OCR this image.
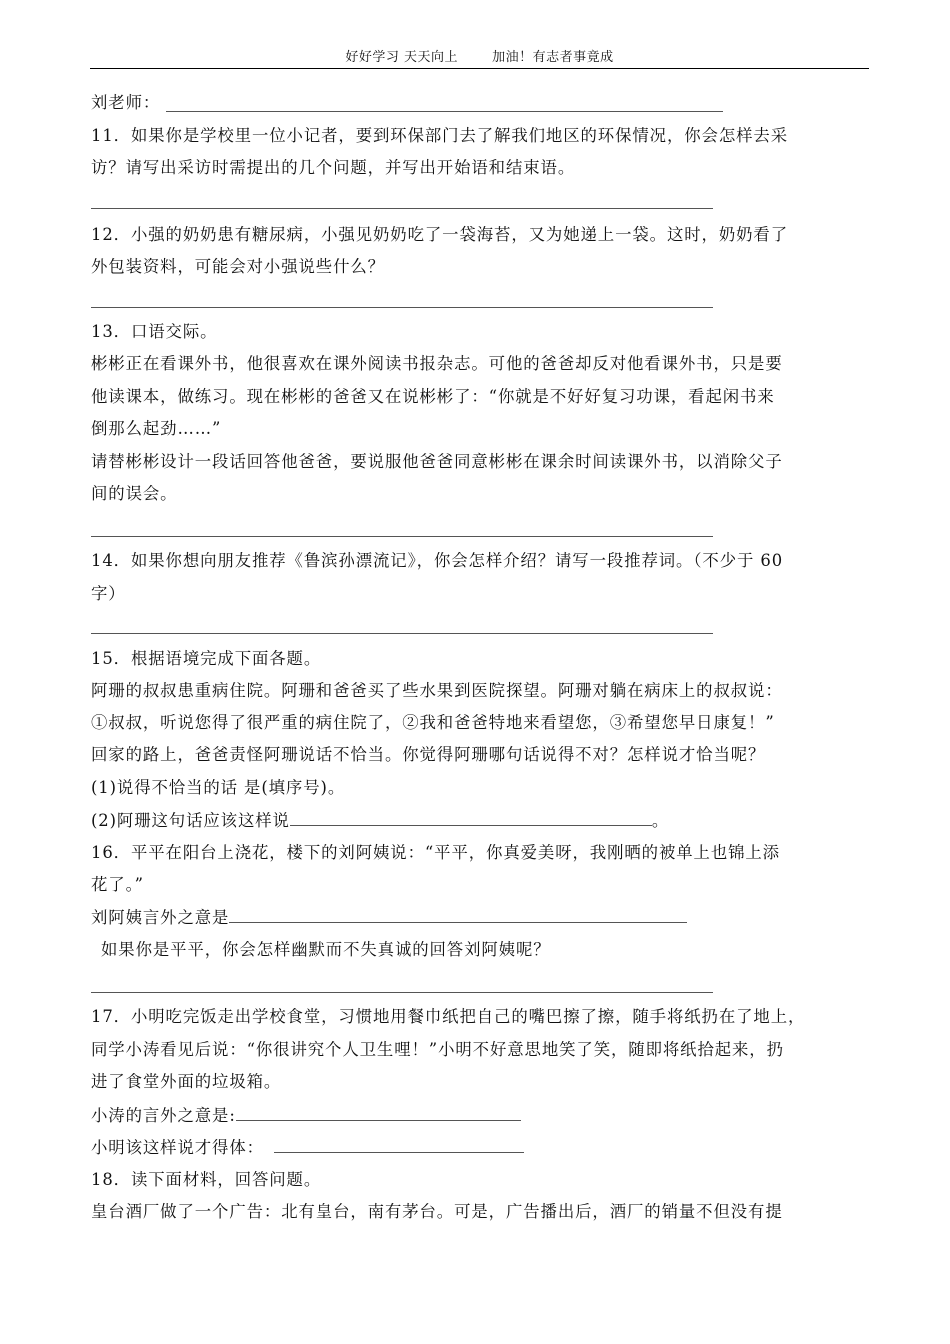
好好学习 天天向上	加油！有志者事竟成
刘老师：
11．如果你是学校里一位小记者，要到环保部门去了解我们地区的环保情况，你会怎样去采
访？请写出采访时需提出的几个问题，并写出开始语和结束语。
12．小强的奶奶患有糖尿病，小强见奶奶吃了一袋海苔，又为她递上一袋。这时，奶奶看了
外包装资料，可能会对小强说些什么？
13．口语交际。
彬彬正在看课外书，他很喜欢在课外阅读书报杂志。可他的爸爸却反对他看课外书，只是要
他读课本，做练习。现在彬彬的爸爸又在说彬彬了：“你就是不好好复习功课，看起闲书来
倒那么起劲……”
请替彬彬设计一段话回答他爸爸，要说服他爸爸同意彬彬在课余时间读课外书，以消除父子
间的误会。
14．如果你想向朋友推荐《鲁滨孙漂流记》，你会怎样介绍？请写一段推荐词。（不少于 60
字）
15．根据语境完成下面各题。
阿珊的叔叔患重病住院。阿珊和爸爸买了些水果到医院探望。阿珊对躺在病床上的叔叔说：
①叔叔，听说您得了很严重的病住院了，②我和爸爸特地来看望您，③希望您早日康复！”
回家的路上，爸爸责怪阿珊说话不恰当。你觉得阿珊哪句话说得不对？怎样说才恰当呢？
(1)说得不恰当的话 是(填序号)。
(2)阿珊这句话应该这样说	。
16．平平在阳台上浇花，楼下的刘阿姨说：“平平，你真爱美呀，我刚晒的被单上也锦上添
花了。”
刘阿姨言外之意是
如果你是平平，你会怎样幽默而不失真诚的回答刘阿姨呢？
17．小明吃完饭走出学校食堂，习惯地用餐巾纸把自己的嘴巴擦了擦，随手将纸扔在了地上，
同学小涛看见后说：“你很讲究个人卫生哩！”小明不好意思地笑了笑，随即将纸拾起来，扔
进了食堂外面的垃圾箱。
小涛的言外之意是:
小明该这样说才得体：
18．读下面材料，回答问题。
皇台酒厂做了一个广告：北有皇台，南有茅台。可是，广告播出后，酒厂的销量不但没有提
